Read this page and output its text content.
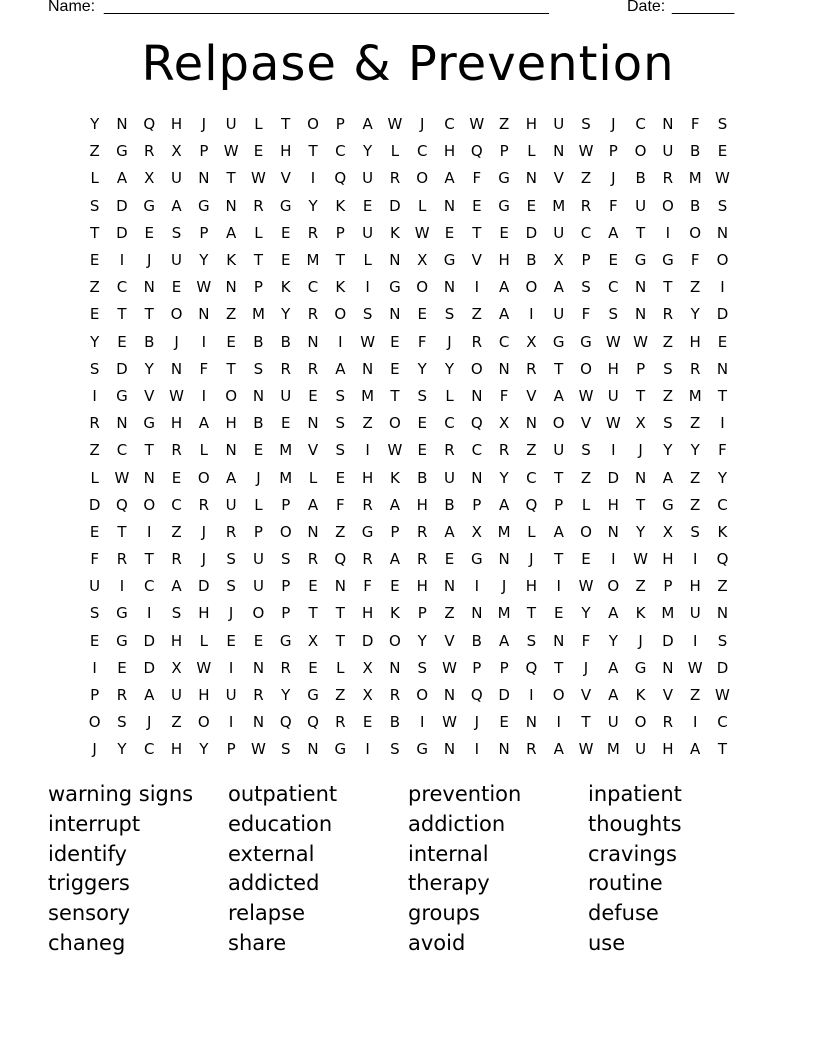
Name: __________________________________________________	Date: _______
Relpase & Prevention
Y	N	Q	H	J	U	L	T	O	P	A W	J	C W Z	H	U	S	J	C	N	F	S
Z	G	R	X	P	W	E	H	T	C	Y	L	C	H	Q	P	L	N W	P	O	U	B	E
L	A	X	U	N	T	W V	I	Q	U	R	O	A	F	G	N	V	Z	J	B	R	M W
S	D	G	A	G	N	R	G	Y	K	E	D	L	N	E	G	E	M	R	F	U	O	B	S
T	D	E	S	P	A	L	E	R	P	U	K W	E	T	E	D	U	C	A	T	I	O	N
E	I	J	U	Y	K	T	E	M	T	L	N	X	G	V	H	B	X	P	E	G	G	F	O
Z	C	N	E	W N	P	K	C	K	I	G	O	N	I	A	O	A	S	C	N	T	Z	I
E	T	T	O	N	Z	M	Y	R	O	S	N	E	S	Z	A	I	U	F	S	N	R	Y	D
Y	E	B	J	I	E	B	B	N	I	W	E	F	J	R	C	X	G	G W W Z	H	E
S	D	Y	N	F	T	S	R	R	A	N	E	Y	Y	O	N	R	T	O	H	P	S	R	N
I	G	V W	I	O	N	U	E	S	M	T	S	L	N	F	V	A W U	T	Z	M	T
R	N	G	H	A	H	B	E	N	S	Z	O	E	C	Q	X	N	O	V W X	S	Z	I
Z	C	T	R	L	N	E	M	V	S	I	W	E	R	C	R	Z	U	S	I	J	Y	Y	F
L	W N	E	O	A	J	M	L	E	H	K	B	U	N	Y	C	T	Z	D	N	A	Z	Y
D	Q	O	C	R	U	L	P	A	F	R	A	H	B	P	A	Q	P	L	H	T	G	Z	C
E	T	I	Z	J	R	P	O	N	Z	G	P	R	A	X	M	L	A	O	N	Y	X	S	K
F	R	T	R	J	S	U	S	R	Q	R	A	R	E	G	N	J	T	E	I	W H	I	Q
U	I	C	A	D	S	U	P	E	N	F	E	H	N	I	J	H	I	W O	Z	P	H	Z
S	G	I	S	H	J	O	P	T	T	H	K	P	Z	N	M	T	E	Y	A	K	M	U	N
E	G	D	H	L	E	E	G	X	T	D	O	Y	V	B	A	S	N	F	Y	J	D	I	S
I	E	D	X W	I	N	R	E	L	X	N	S	W	P	P	Q	T	J	A	G	N W D
P	R	A	U	H	U	R	Y	G	Z	X	R	O	N	Q	D	I	O	V	A	K	V	Z W
O	S	J	Z	O	I	N	Q	Q	R	E	B	I	W	J	E	N	I	T	U	O	R	I	C
J	Y	C	H	Y	P	W	S	N	G	I	S	G	N	I	N	R	A W M	U	H	A	T
warning signs	outpatient	prevention	inpatient
interrupt	education	addiction	thoughts
identify	external	internal	cravings
triggers	addicted	therapy	routine
sensory	relapse	groups	defuse
chaneg	share	avoid	use
